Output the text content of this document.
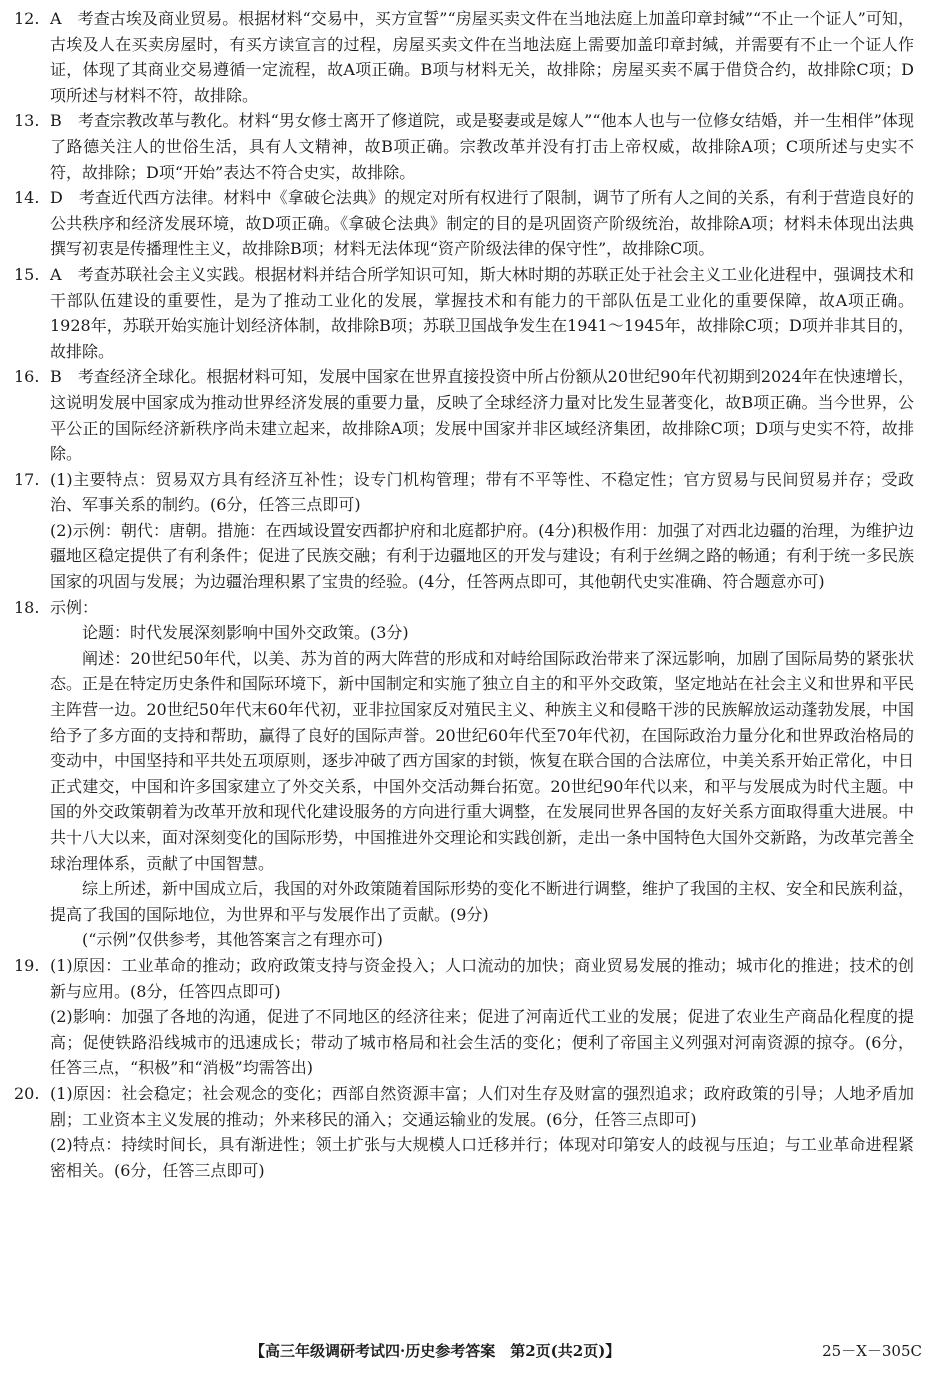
12. A　考查古埃及商业贸易。根据材料“交易中，买方宣誓”“房屋买卖文件在当地法庭上加盖印章封缄”“不止一个证人”可知，古埃及人在买卖房屋时，有买方读宣言的过程，房屋买卖文件在当地法庭上需要加盖印章封缄，并需要有不止一个证人作证，体现了其商业交易遵循一定流程，故A项正确。B项与材料无关，故排除；房屋买卖不属于借贷合约，故排除C项；D项所述与材料不符，故排除。

13. B　考查宗教改革与教化。材料“男女修士离开了修道院，或是娶妻或是嫁人”“他本人也与一位修女结婚，并一生相伴”体现了路德关注人的世俗生活，具有人文精神，故B项正确。宗教改革并没有打击上帝权威，故排除A项；C项所述与史实不符，故排除；D项“开始”表达不符合史实，故排除。

14. D　考查近代西方法律。材料中《拿破仑法典》的规定对所有权进行了限制，调节了所有人之间的关系，有利于营造良好的公共秩序和经济发展环境，故D项正确。《拿破仑法典》制定的目的是巩固资产阶级统治，故排除A项；材料未体现出法典撰写初衷是传播理性主义，故排除B项；材料无法体现“资产阶级法律的保守性”，故排除C项。

15. A　考查苏联社会主义实践。根据材料并结合所学知识可知，斯大林时期的苏联正处于社会主义工业化进程中，强调技术和干部队伍建设的重要性，是为了推动工业化的发展，掌握技术和有能力的干部队伍是工业化的重要保障，故A项正确。1928年，苏联开始实施计划经济体制，故排除B项；苏联卫国战争发生在1941～1945年，故排除C项；D项并非其目的，故排除。

16. B　考查经济全球化。根据材料可知，发展中国家在世界直接投资中所占份额从20世纪90年代初期到2024年在快速增长，这说明发展中国家成为推动世界经济发展的重要力量，反映了全球经济力量对比发生显著变化，故B项正确。当今世界，公平公正的国际经济新秩序尚未建立起来，故排除A项；发展中国家并非区域经济集团，故排除C项；D项与史实不符，故排除。

17. (1)主要特点：贸易双方具有经济互补性；设专门机构管理；带有不平等性、不稳定性；官方贸易与民间贸易并存；受政治、军事关系的制约。(6分，任答三点即可)

(2)示例：朝代：唐朝。措施：在西域设置安西都护府和北庭都护府。(4分)积极作用：加强了对西北边疆的治理，为维护边疆地区稳定提供了有利条件；促进了民族交融；有利于边疆地区的开发与建设；有利于丝绸之路的畅通；有利于统一多民族国家的巩固与发展；为边疆治理积累了宝贵的经验。(4分，任答两点即可，其他朝代史实准确、符合题意亦可)

18. 示例：

论题：时代发展深刻影响中国外交政策。(3分)

阐述：20世纪50年代，以美、苏为首的两大阵营的形成和对峙给国际政治带来了深远影响，加剧了国际局势的紧张状态。正是在特定历史条件和国际环境下，新中国制定和实施了独立自主的和平外交政策，坚定地站在社会主义和世界和平民主阵营一边。20世纪50年代末60年代初，亚非拉国家反对殖民主义、种族主义和侵略干涉的民族解放运动蓬勃发展，中国给予了多方面的支持和帮助，赢得了良好的国际声誉。20世纪60年代至70年代初，在国际政治力量分化和世界政治格局的变动中，中国坚持和平共处五项原则，逐步冲破了西方国家的封锁，恢复在联合国的合法席位，中美关系开始正常化，中日正式建交，中国和许多国家建立了外交关系，中国外交活动舞台拓宽。20世纪90年代以来，和平与发展成为时代主题。中国的外交政策朝着为改革开放和现代化建设服务的方向进行重大调整，在发展同世界各国的友好关系方面取得重大进展。中共十八大以来，面对深刻变化的国际形势，中国推进外交理论和实践创新，走出一条中国特色大国外交新路，为改革完善全球治理体系，贡献了中国智慧。

综上所述，新中国成立后，我国的对外政策随着国际形势的变化不断进行调整，维护了我国的主权、安全和民族利益，提高了我国的国际地位，为世界和平与发展作出了贡献。(9分)

(“示例”仅供参考，其他答案言之有理亦可)

19. (1)原因：工业革命的推动；政府政策支持与资金投入；人口流动的加快；商业贸易发展的推动；城市化的推进；技术的创新与应用。(8分，任答四点即可)

(2)影响：加强了各地的沟通，促进了不同地区的经济往来；促进了河南近代工业的发展；促进了农业生产商品化程度的提高；促使铁路沿线城市的迅速成长；带动了城市格局和社会生活的变化；便利了帝国主义列强对河南资源的掠夺。(6分，任答三点，“积极”和“消极”均需答出)

20. (1)原因：社会稳定；社会观念的变化；西部自然资源丰富；人们对生存及财富的强烈追求；政府政策的引导；人地矛盾加剧；工业资本主义发展的推动；外来移民的涌入；交通运输业的发展。(6分，任答三点即可)

(2)特点：持续时间长，具有渐进性；领土扩张与大规模人口迁移并行；体现对印第安人的歧视与压迫；与工业革命进程紧密相关。(6分，任答三点即可)

【高三年级调研考试四·历史参考答案　第2页(共2页)】	25－X－305C
